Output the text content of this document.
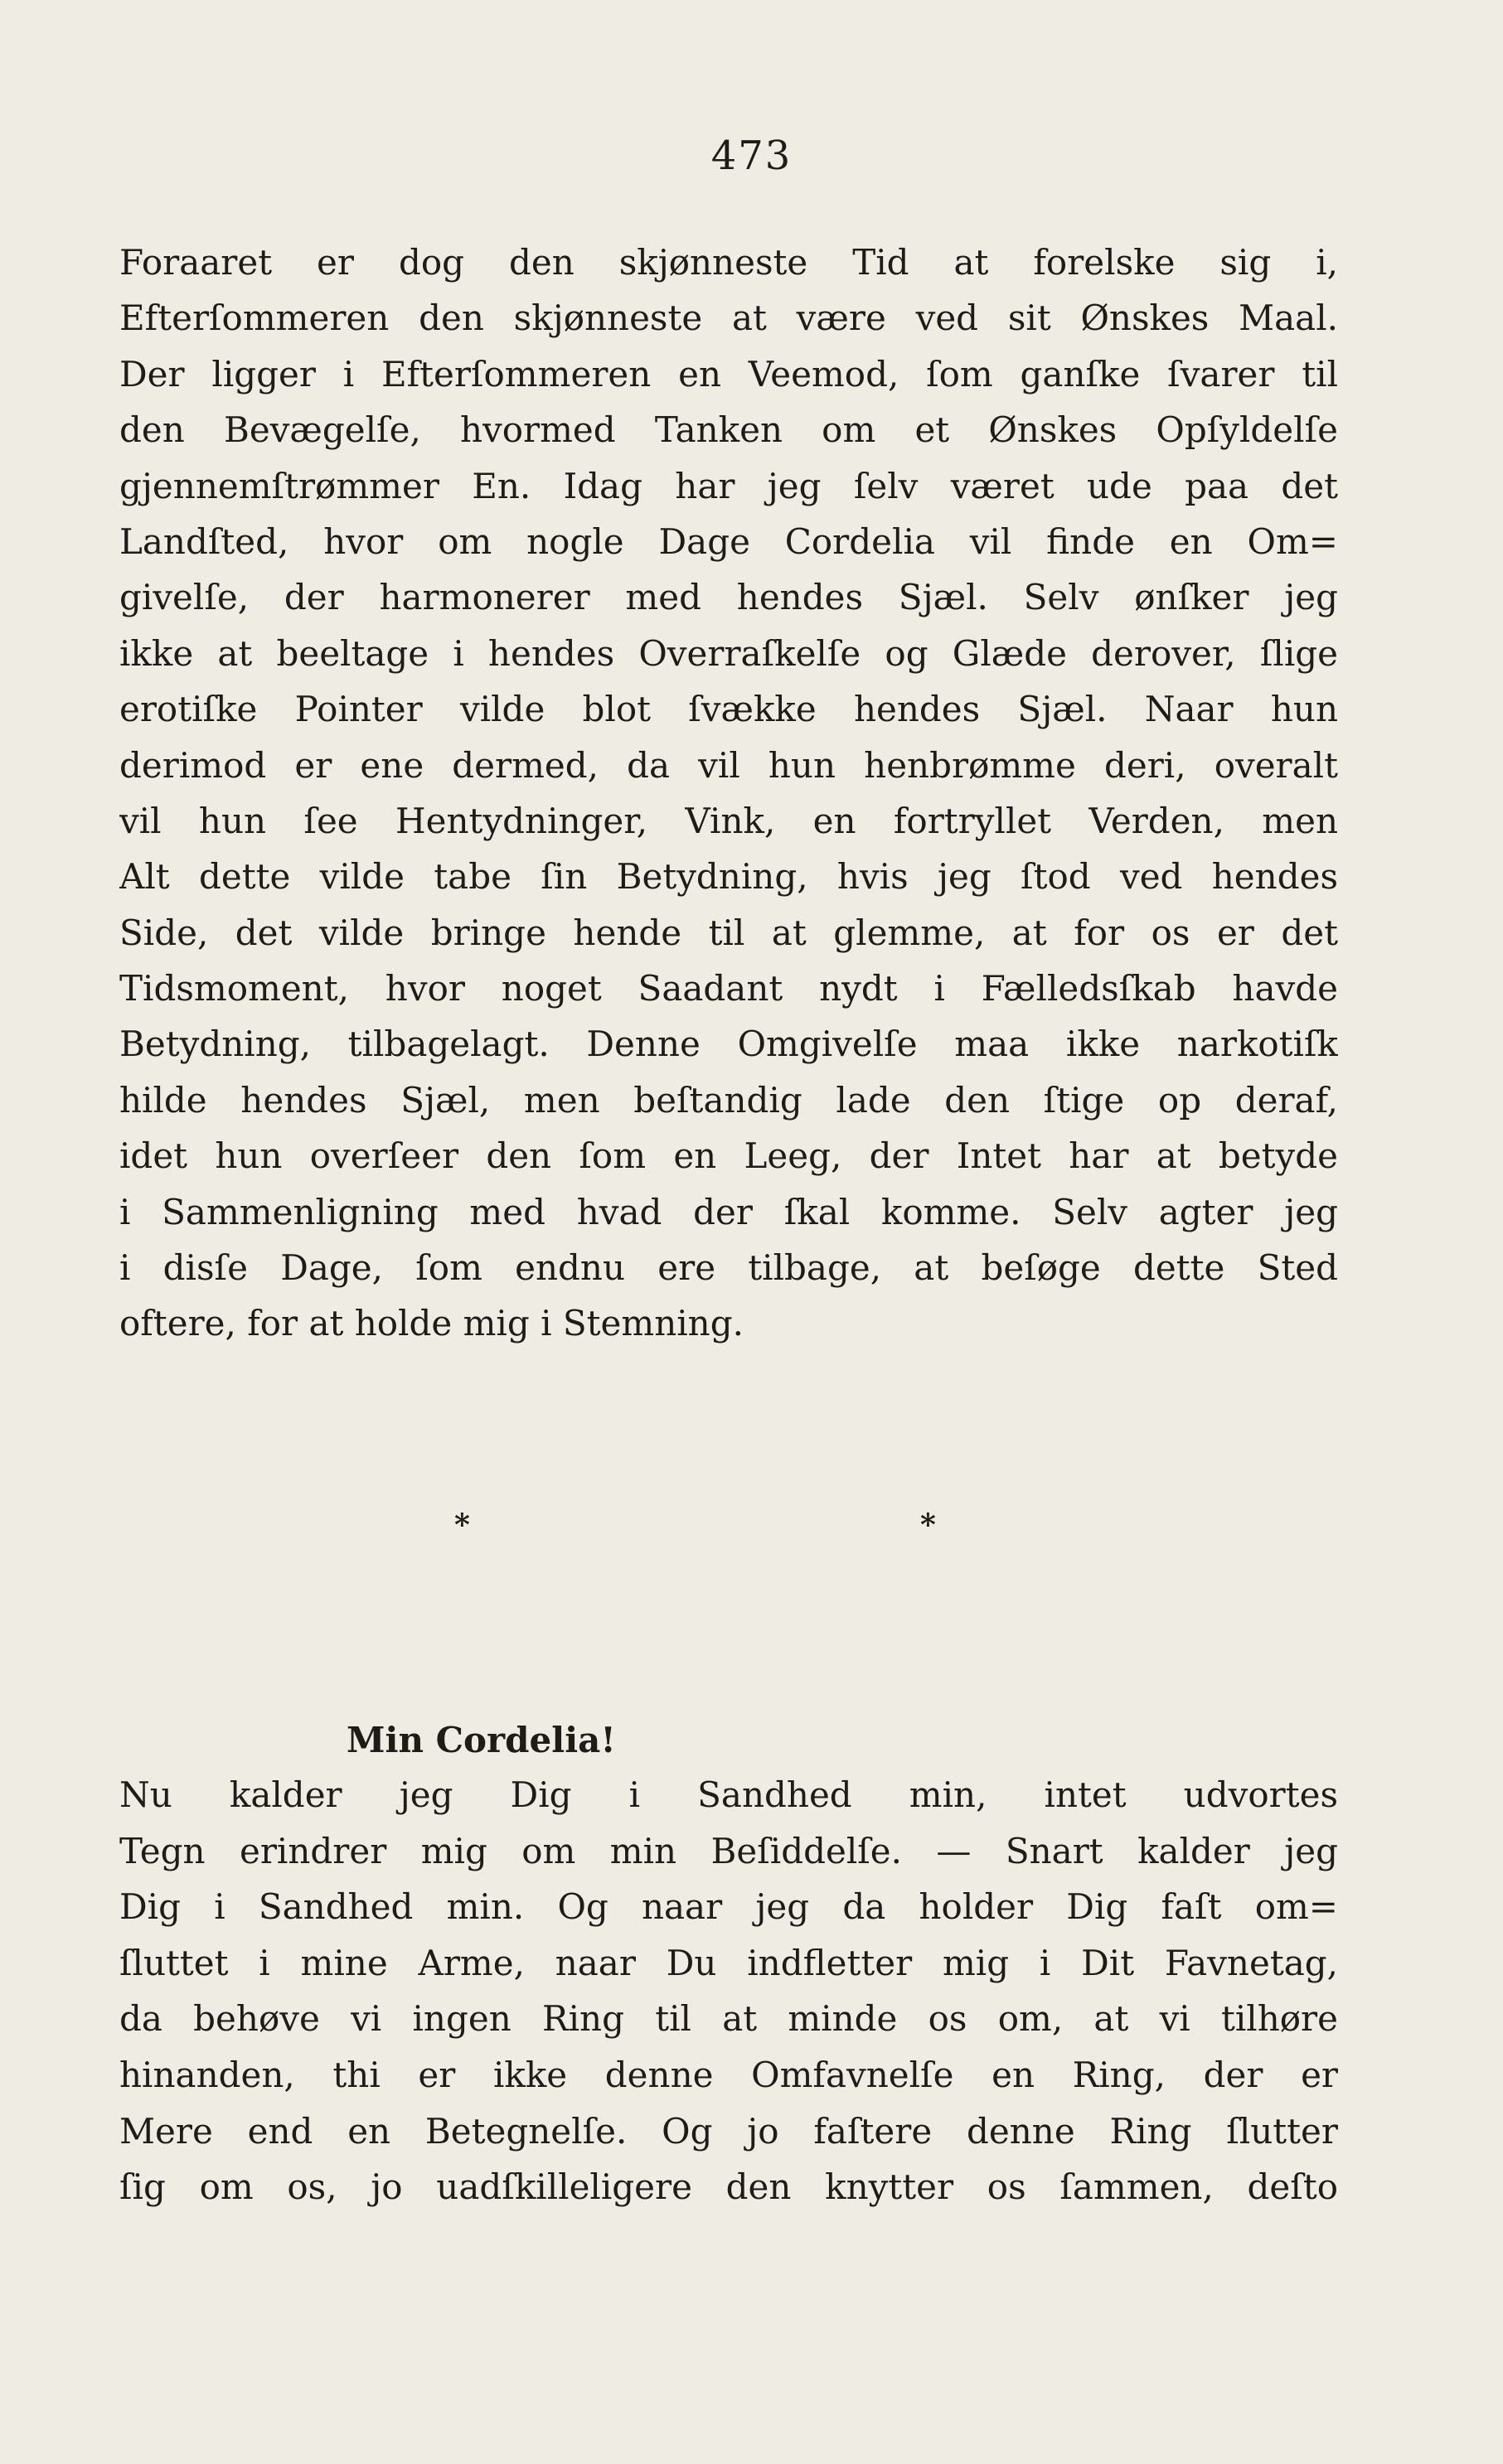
473
Foraaret er dog den skjønneste Tid at forelske sig i,
Efterſommeren den skjønneste at være ved sit Ønskes Maal.
Der ligger i Efterſommeren en Veemod, ſom ganſke ſvarer til
den Bevægelſe, hvormed Tanken om et Ønskes Opſyldelſe
gjennemſtrømmer En. Idag har jeg ſelv været ude paa det
Landſted, hvor om nogle Dage Cordelia vil finde en Om=
givelſe, der harmonerer med hendes Sjæl. Selv ønſker jeg
ikke at beeltage i hendes Overraſkelſe og Glæde derover, ſlige
erotiſke Pointer vilde blot ſvække hendes Sjæl. Naar hun
derimod er ene dermed, da vil hun henbrømme deri, overalt
vil hun ſee Hentydninger, Vink, en fortryllet Verden, men
Alt dette vilde tabe ſin Betydning, hvis jeg ſtod ved hendes
Side, det vilde bringe hende til at glemme, at for os er det
Tidsmoment, hvor noget Saadant nydt i Fælledsſkab havde
Betydning, tilbagelagt. Denne Omgivelſe maa ikke narkotiſk
hilde hendes Sjæl, men beſtandig lade den ſtige op deraf,
idet hun overſeer den ſom en Leeg, der Intet har at betyde
i Sammenligning med hvad der ſkal komme. Selv agter jeg
i disſe Dage, ſom endnu ere tilbage, at beſøge dette Sted
oftere, for at holde mig i Stemning.
*	*
Min Cordelia!
Nu kalder jeg Dig i Sandhed min, intet udvortes
Tegn erindrer mig om min Beſiddelſe. — Snart kalder jeg
Dig i Sandhed min. Og naar jeg da holder Dig faſt om=
ſluttet i mine Arme, naar Du indfletter mig i Dit Favnetag,
da behøve vi ingen Ring til at minde os om, at vi tilhøre
hinanden, thi er ikke denne Omfavnelſe en Ring, der er
Mere end en Betegnelſe. Og jo faſtere denne Ring ſlutter
ſig om os, jo uadſkilleligere den knytter os ſammen, deſto
